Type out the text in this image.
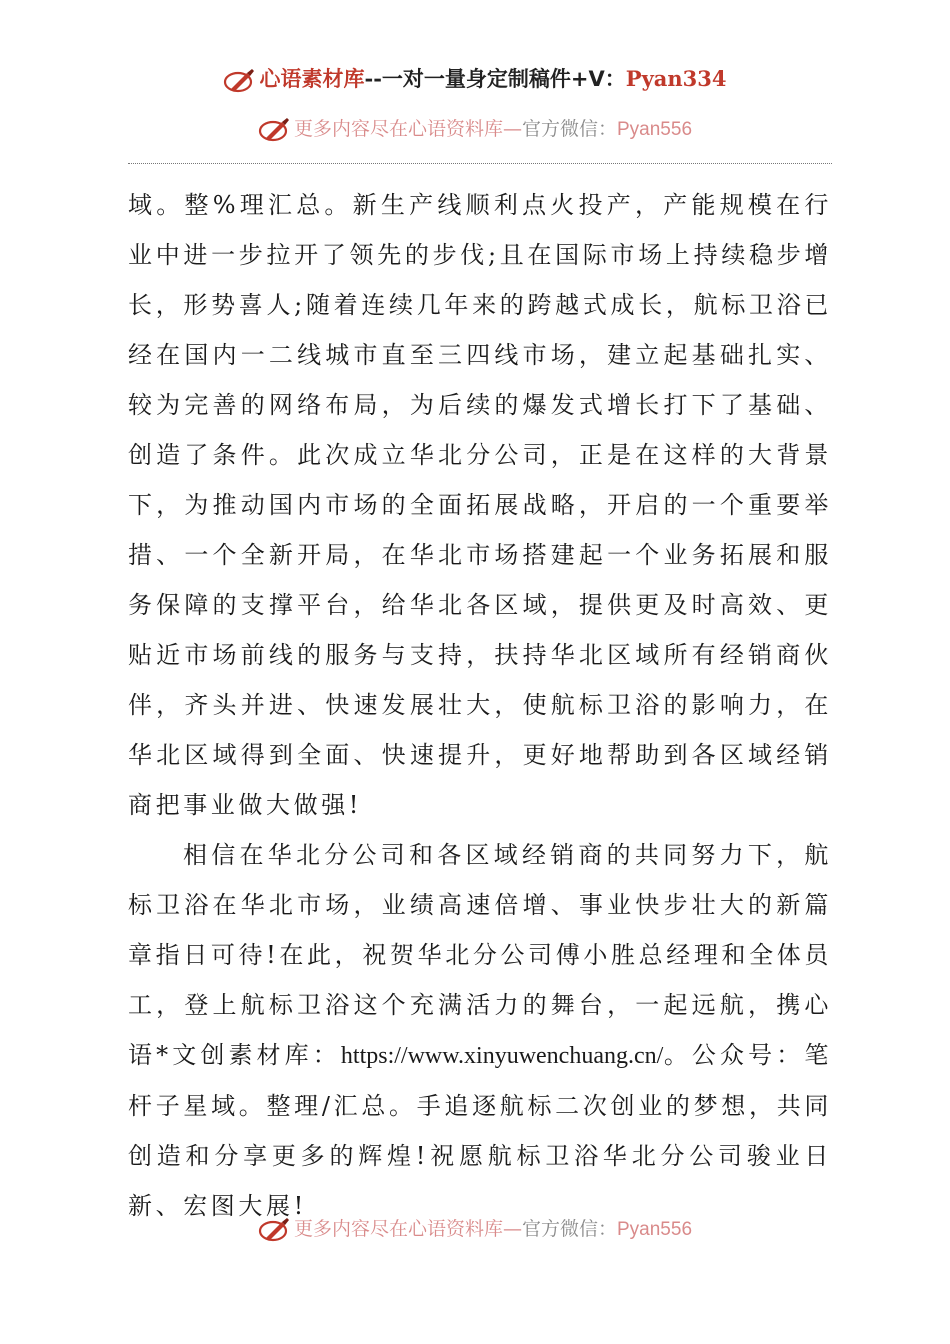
心语素材库--一对一量身定制稿件+V：Pyan334
更多内容尽在心语资料库—官方微信：Pyan556

域。整%理汇总。新生产线顺利点火投产，产能规模在行业中进一步拉开了领先的步伐;且在国际市场上持续稳步增长，形势喜人;随着连续几年来的跨越式成长，航标卫浴已经在国内一二线城市直至三四线市场，建立起基础扎实、较为完善的网络布局，为后续的爆发式增长打下了基础、创造了条件。此次成立华北分公司，正是在这样的大背景下，为推动国内市场的全面拓展战略，开启的一个重要举措、一个全新开局，在华北市场搭建起一个业务拓展和服务保障的支撑平台，给华北各区域，提供更及时高效、更贴近市场前线的服务与支持，扶持华北区域所有经销商伙伴，齐头并进、快速发展壮大，使航标卫浴的影响力，在华北区域得到全面、快速提升，更好地帮助到各区域经销商把事业做大做强!

相信在华北分公司和各区域经销商的共同努力下，航标卫浴在华北市场，业绩高速倍增、事业快步壮大的新篇章指日可待!在此，祝贺华北分公司傅小胜总经理和全体员工，登上航标卫浴这个充满活力的舞台，一起远航，携心语*文创素材库：https://www.xinyuwenchuang.cn/。公众号：笔杆子星域。整理/汇总。手追逐航标二次创业的梦想，共同创造和分享更多的辉煌!祝愿航标卫浴华北分公司骏业日新、宏图大展!

更多内容尽在心语资料库—官方微信：Pyan556
